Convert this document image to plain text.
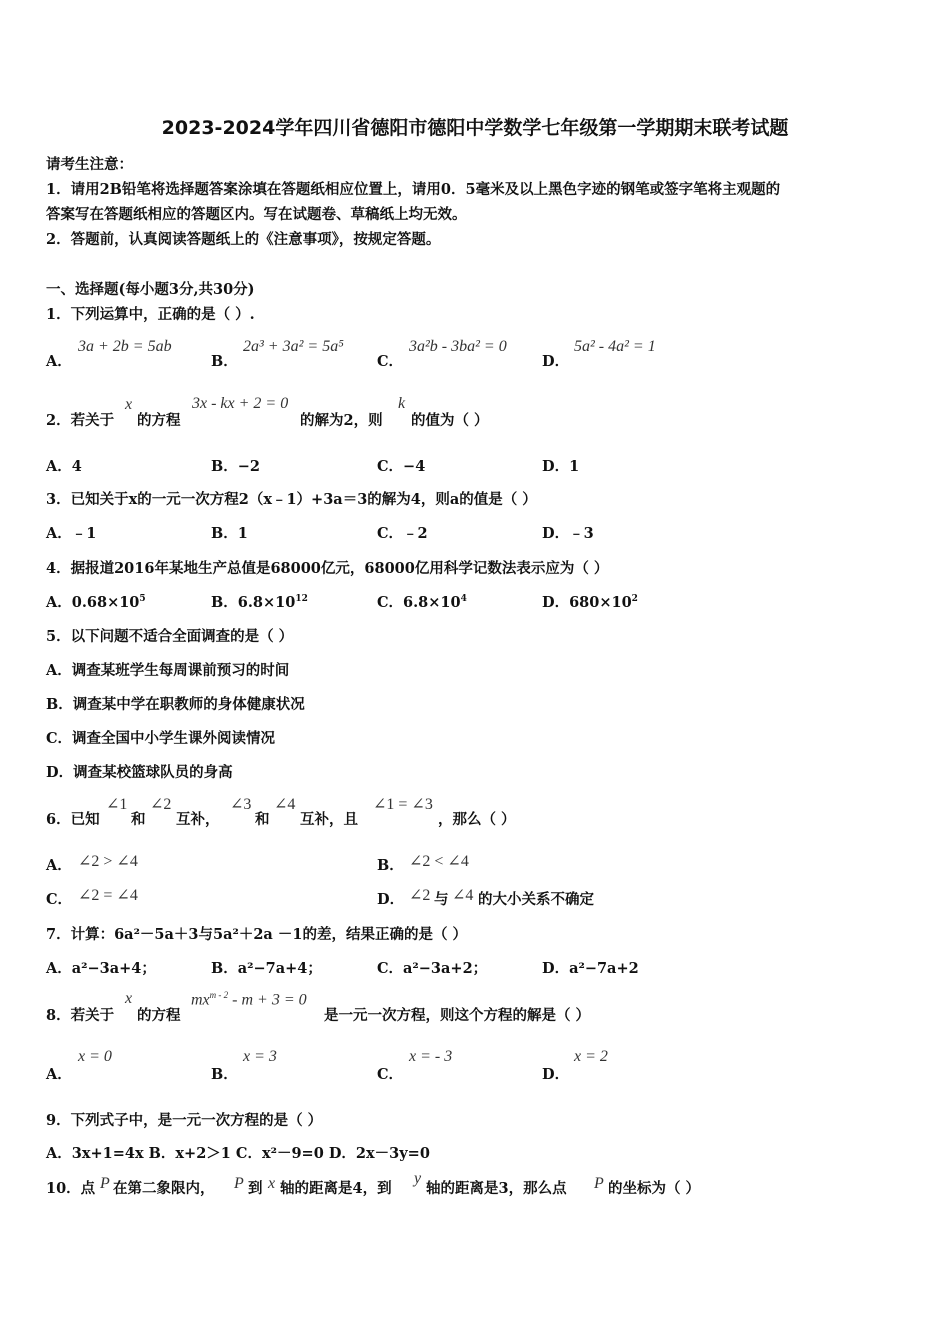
2023-2024学年四川省德阳市德阳中学数学七年级第一学期期末联考试题
请考生注意：
1．请用2B铅笔将选择题答案涂填在答题纸相应位置上，请用0．5毫米及以上黑色字迹的钢笔或签字笔将主观题的
答案写在答题纸相应的答题区内。写在试题卷、草稿纸上均无效。
2．答题前，认真阅读答题纸上的《注意事项》，按规定答题。
一、选择题(每小题3分,共30分)
1．下列运算中，正确的是（ ）.
A．
3a + 2b = 5ab
B．
2a³ + 3a² = 5a⁵
C．
3a²b - 3ba² = 0
D．
5a² - 4a² = 1
2．若关于
x
的方程
3x - kx + 2 = 0
的解为2，则
k
的值为（ ）
A．4	B．−2	C．−4	D．1
3．已知关于x的一元一次方程2（x﹣1）+3a＝3的解为4，则a的值是（ ）
A．﹣1	B．1	C．﹣2	D．﹣3
4．据报道2016年某地生产总值是68000亿元，68000亿用科学记数法表示应为（ ）
A．$0.68\times 10^5$	B．$6.8\times 10^{12}$	C．$6.8\times 10^4$	D．$680\times 10^2$
5．以下问题不适合全面调查的是（ ）
A．调查某班学生每周课前预习的时间
B．调查某中学在职教师的身体健康状况
C．调查全国中小学生课外阅读情况
D．调查某校篮球队员的身高
6．已知
∠1
和
∠2
互补，
∠3
和
∠4
互补，且
∠1 = ∠3
，那么（ ）
A． ∠2 > ∠4	B． ∠2 < ∠4
C． ∠2 = ∠4	D． ∠2 与 ∠4 的大小关系不确定
7．计算：6a²－5a＋3与5a²＋2a －1的差，结果正确的是（ ）
A．a²−3a+4；	B．a²−7a+4；	C．a²−3a+2；	D．a²−7a+2
8．若关于
x
的方程
$mx^{m - 2} - m + 3 = 0$
是一元一次方程，则这个方程的解是（ ）
A．
x = 0
B．
x = 3
C．
x = - 3
D．
x = 2
9．下列式子中，是一元一次方程的是（ ）
A．3x+1=4x B．x+2＞1 C．x²－9=0 D．2x－3y=0
10．点 P 在第二象限内， P 到 x 轴的距离是4，到
y
轴的距离是3，那么点 P 的坐标为（ ）
